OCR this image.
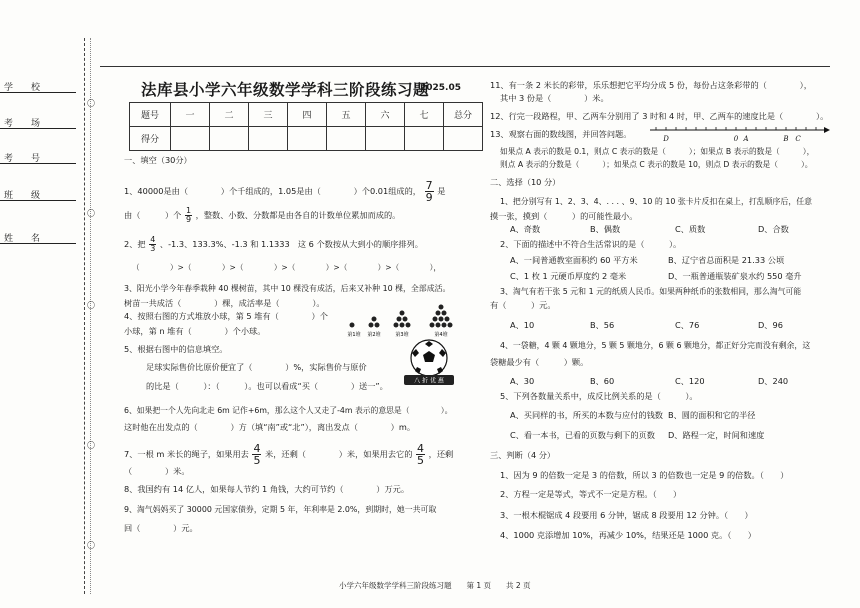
学　　校
考　　场
考　　号
班　　级
姓　　名
〇
〇
〇
〇
〇
法库县小学六年级数学学科三阶段练习题
2025.05
题号	一	二	三	四	五	六	七	总分
得分								
一、填空（30分）
1、40000是由（　　　　）个千组成的，1.05是由（　　　　）个0.01组成的， $\frac{7}{9}$ 是
由（　　　）个 $\frac{1}{9}$ ，整数、小数、分数都是由各自的计数单位累加而成的。
2、把 $\frac{4}{3}$ 、-1.3、133.3%、-1.3 和 1.1333　这 6 个数按从大到小的顺序排列。
（　　　　）>（　　　　）>（　　　　）>（　　　　）>（　　　　）>（　　　　），
3、阳光小学今年春季栽种 40 棵树苗，其中 10 棵没有成活，后来又补种 10 棵，全部成活。
树苗一共成活（　　　　）棵，成活率是（　　　　）。
4、按照右图的方式堆放小球，第 5 堆有（　　　　）个
小球，第 n 堆有（　　　　）个小球。	第1堆 第2堆	第3堆	第4堆
5、根据右图中的信息填空。
足球实际售价比原价便宜了（　　　　）%，实际售价与原价
的比是（　　　）：（　　　）。也可以看成“买（　　　　）送一”。	八 折 优 惠
6、如果把一个人先向北走 6m 记作+6m，那么这个人又走了-4m 表示的意思是（　　　　）。
这时他在出发点的（　　　　）方（填“南”或“北”），离出发点（　　　　）m。
7、一根 m 米长的绳子，如果用去 $\frac{4}{5}$ 米，还剩（　　　　）米，如果用去它的 $\frac{4}{5}$ ，还剩
（　　　　）米。
8、我国约有 14 亿人，如果每人节约 1 角钱，大约可节约（　　　　）万元。
9、淘气妈妈买了 30000 元国家债券，定期 5 年，年利率是 2.0%，到期时，她一共可取
回（　　　　）元。
11、有一条 2 米长的彩带，乐乐想把它平均分成 5 份，每份占这条彩带的（　　　　），
其中 3 份是（　　　　）米。
12、行完一段路程，甲、乙两车分别用了 3 时和 4 时，甲、乙两车的速度比是（　　　　）。
13、观察右面的数线图，并回答问题。	D	0 A	B C
如果点 A 表示的数是 0.1，则点 C 表示的数是（　　　）；如果点 B 表示的数是（　　　），
则点 A 表示的分数是（　　　）；如果点 C 表示的数是 10，则点 D 表示的数是（　　　）。
二、选择（10 分）
1、把分别写有 1、2、3、4、. . . 、9、10 的 10 张卡片反扣在桌上，打乱顺序后，任意
摸一张，摸到（　　　）的可能性最小。
A、奇数	B、偶数	C、质数	D、合数
2、下面的描述中不符合生活常识的是（　　　）。
A、一间普通教室面积约 60 平方米	B、辽宁省总面积是 21.33 公顷
C、1 枚 1 元硬币厚度约 2 毫米	D、一瓶普通瓶装矿泉水约 550 毫升
3、淘气有若干张 5 元和 1 元的纸质人民币。如果两种纸币的张数相同，那么淘气可能
有（　　　）元。
A、10	B、56	C、76	D、96
4、一袋糖，4 颗 4 颗地分，5 颗 5 颗地分，6 颗 6 颗地分，都正好分完而没有剩余，这
袋糖最少有（　　　）颗。
A、30	B、60	C、120	D、240
5、下列各数量关系中，成反比例关系的是（　　　）。
A、买同样的书，所买的本数与应付的钱数 B、圆的面积和它的半径
C、看一本书，已看的页数与剩下的页数 D、路程一定，时间和速度
三、判断（4 分）
1、因为 9 的倍数一定是 3 的倍数，所以 3 的倍数也一定是 9 的倍数。（　　）
2、方程一定是等式，等式不一定是方程。（　　）
3、一根木棍锯成 4 段要用 6 分钟，锯成 8 段要用 12 分钟。（　　）
4、1000 克添增加 10%，再减少 10%，结果还是 1000 克。（　　）
小学六年级数学学科三阶段练习题　　第 1 页　　共 2 页
